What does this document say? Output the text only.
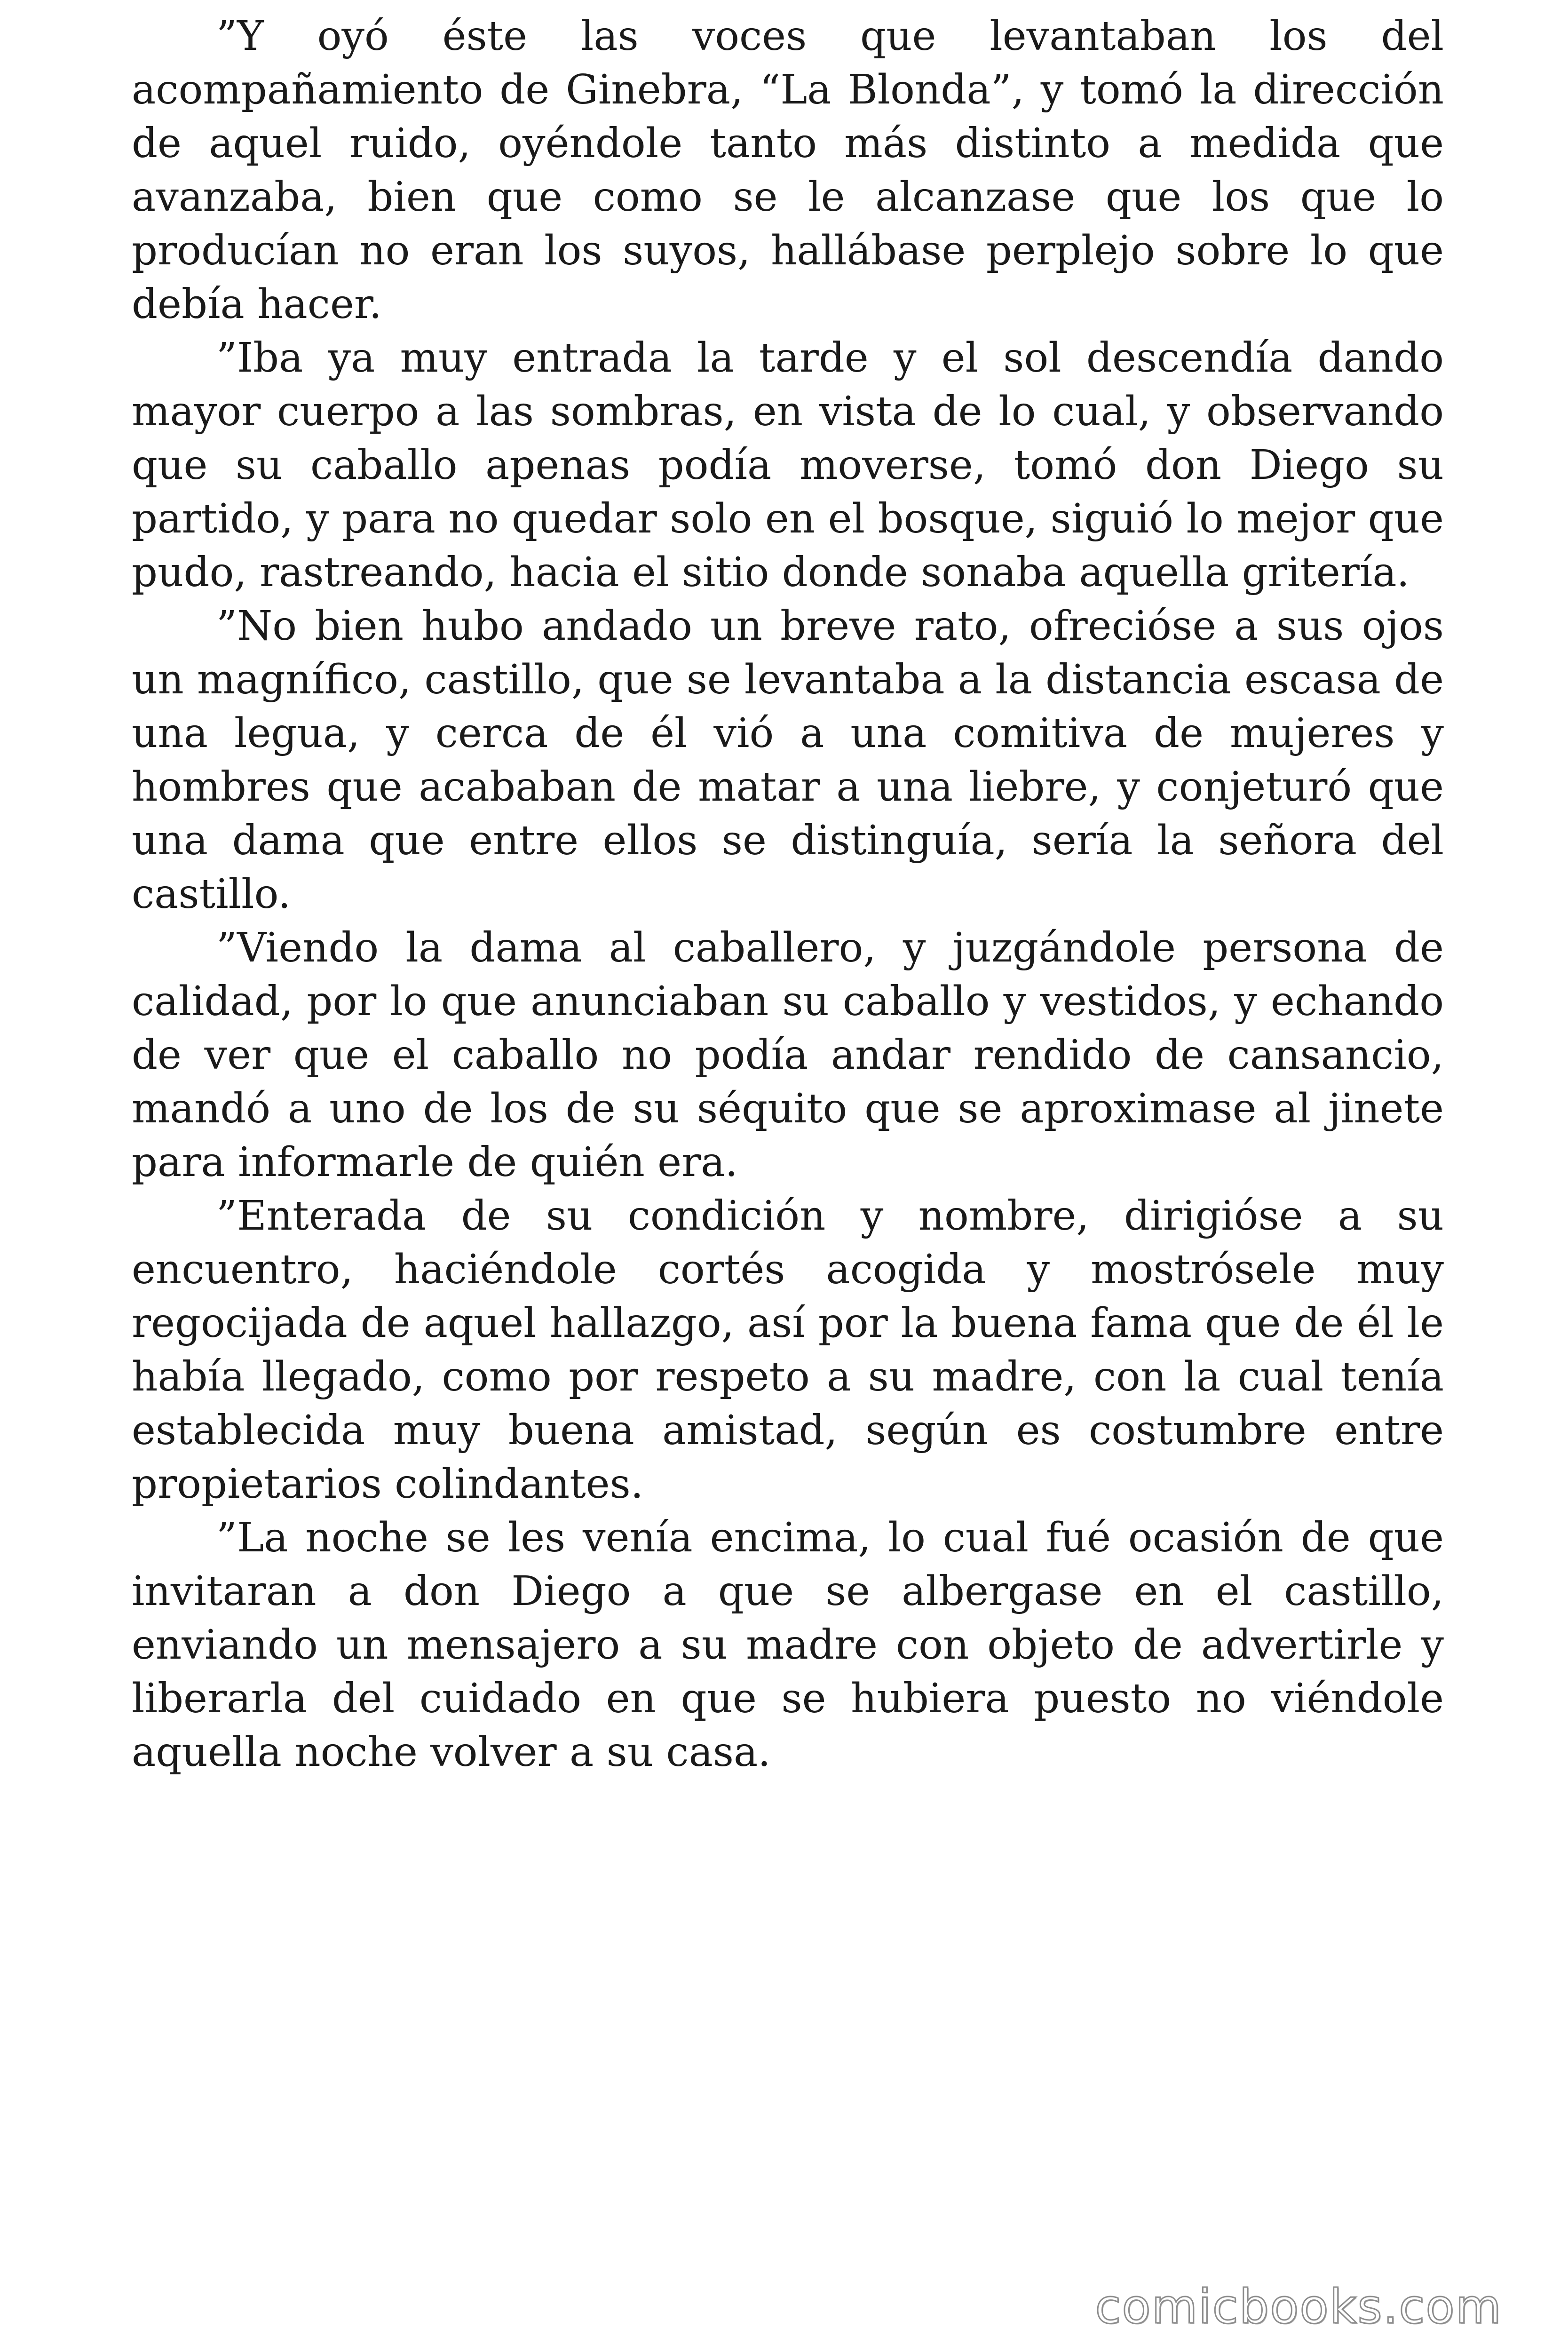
”Y oyó éste las voces que levantaban los del acompañamiento de Ginebra, “La Blonda”, y tomó la dirección de aquel ruido, oyéndole tanto más distinto a medida que avanzaba, bien que como se le alcanzase que los que lo producían no eran los suyos, hallábase perplejo sobre lo que debía hacer.

”Iba ya muy entrada la tarde y el sol descendía dando mayor cuerpo a las sombras, en vista de lo cual, y observando que su caballo apenas podía moverse, tomó don Diego su partido, y para no quedar solo en el bosque, siguió lo mejor que pudo, rastreando, hacia el sitio donde sonaba aquella gritería.

”No bien hubo andado un breve rato, ofrecióse a sus ojos un magnífico, castillo, que se levantaba a la distancia escasa de una legua, y cerca de él vió a una comitiva de mujeres y hombres que acababan de matar a una liebre, y conjeturó que una dama que entre ellos se distinguía, sería la señora del castillo.

”Viendo la dama al caballero, y juzgándole persona de calidad, por lo que anunciaban su caballo y vestidos, y echando de ver que el caballo no podía andar rendido de cansancio, mandó a uno de los de su séquito que se aproximase al jinete para informarle de quién era.

”Enterada de su condición y nombre, dirigióse a su encuentro, haciéndole cortés acogida y mostrósele muy regocijada de aquel hallazgo, así por la buena fama que de él le había llegado, como por respeto a su madre, con la cual tenía establecida muy buena amistad, según es costumbre entre propietarios colindantes.

”La noche se les venía encima, lo cual fué ocasión de que invitaran a don Diego a que se albergase en el castillo, enviando un mensajero a su madre con objeto de advertirle y liberarla del cuidado en que se hubiera puesto no viéndole aquella noche volver a su casa.

comicbooks.com
